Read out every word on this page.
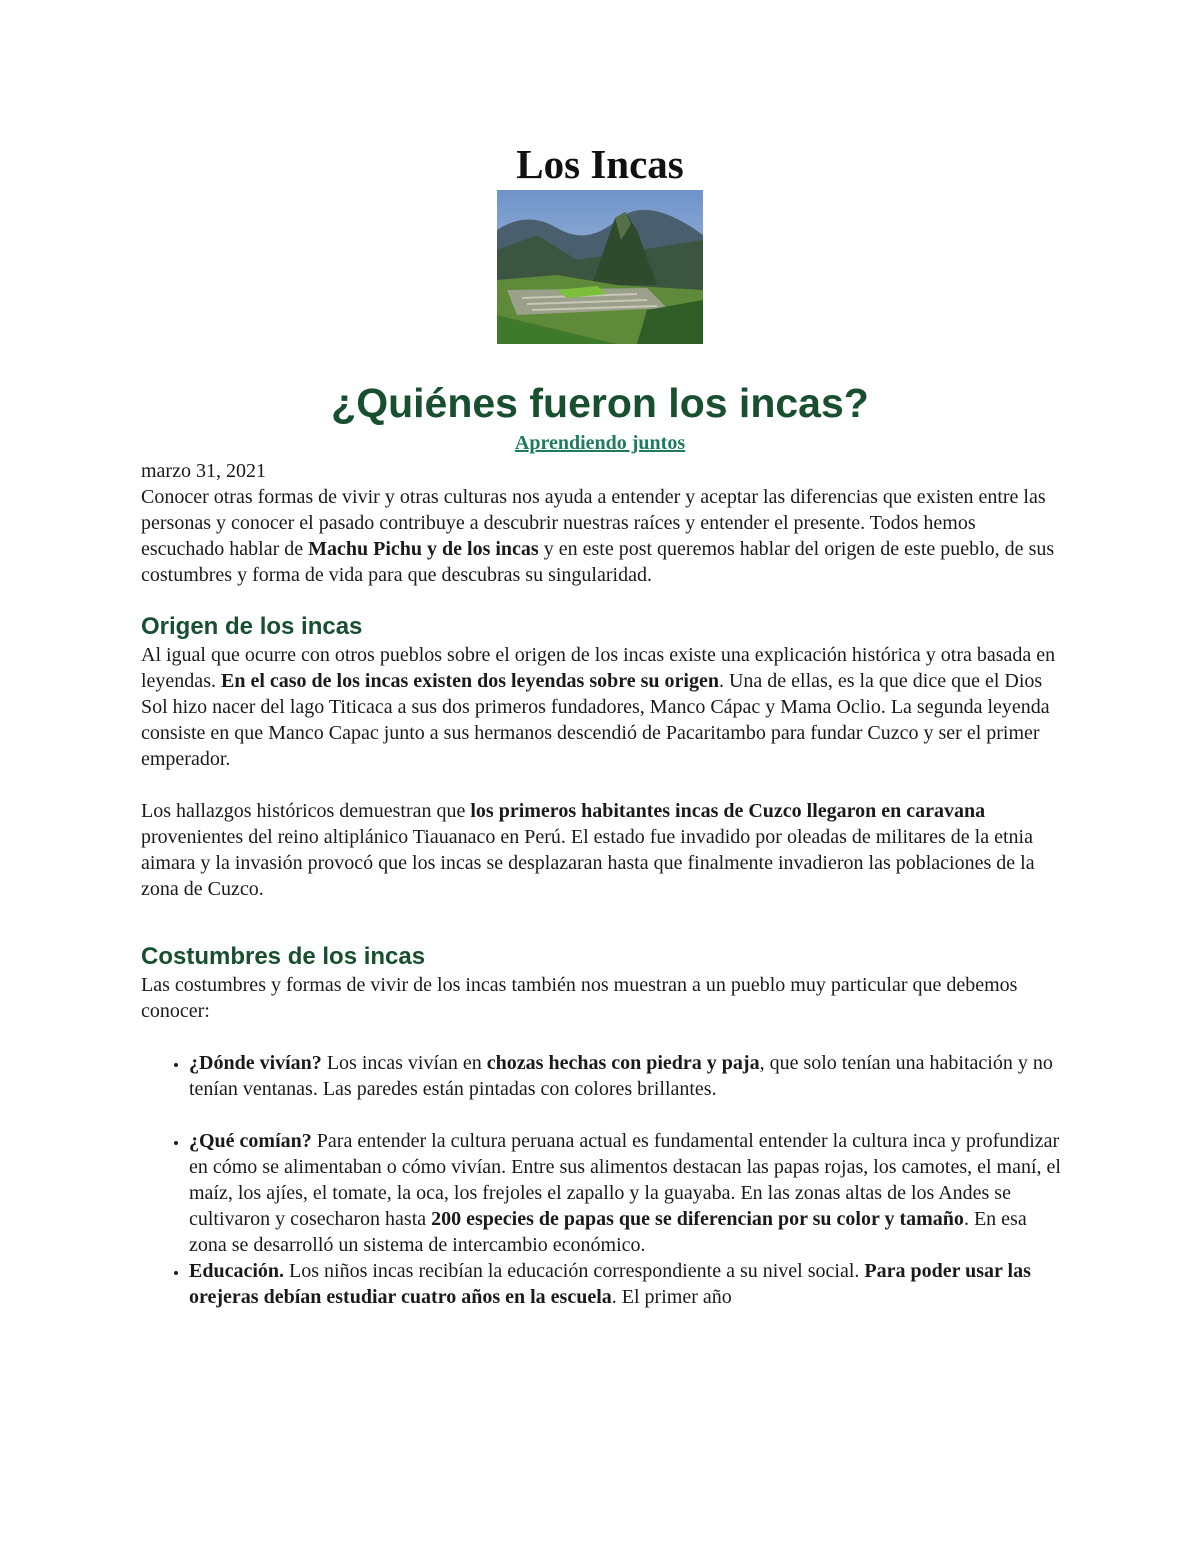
Los Incas
¿Quiénes fueron los incas?
Aprendiendo juntos

marzo 31, 2021

Conocer otras formas de vivir y otras culturas nos ayuda a entender y aceptar las diferencias que existen entre las personas y conocer el pasado contribuye a descubrir nuestras raíces y entender el presente. Todos hemos escuchado hablar de Machu Pichu y de los incas y en este post queremos hablar del origen de este pueblo, de sus costumbres y forma de vida para que descubras su singularidad.

Origen de los incas

Al igual que ocurre con otros pueblos sobre el origen de los incas existe una explicación histórica y otra basada en leyendas. En el caso de los incas existen dos leyendas sobre su origen. Una de ellas, es la que dice que el Dios Sol hizo nacer del lago Titicaca a sus dos primeros fundadores, Manco Cápac y Mama Oclio. La segunda leyenda consiste en que Manco Capac junto a sus hermanos descendió de Pacaritambo para fundar Cuzco y ser el primer emperador.

Los hallazgos históricos demuestran que los primeros habitantes incas de Cuzco llegaron en caravana provenientes del reino altiplánico Tiauanaco en Perú. El estado fue invadido por oleadas de militares de la etnia aimara y la invasión provocó que los incas se desplazaran hasta que finalmente invadieron las poblaciones de la zona de Cuzco.

Costumbres de los incas

Las costumbres y formas de vivir de los incas también nos muestran a un pueblo muy particular que debemos conocer:

• ¿Dónde vivían? Los incas vivían en chozas hechas con piedra y paja, que solo tenían una habitación y no tenían ventanas. Las paredes están pintadas con colores brillantes.
• ¿Qué comían? Para entender la cultura peruana actual es fundamental entender la cultura inca y profundizar en cómo se alimentaban o cómo vivían. Entre sus alimentos destacan las papas rojas, los camotes, el maní, el maíz, los ajíes, el tomate, la oca, los frejoles el zapallo y la guayaba. En las zonas altas de los Andes se cultivaron y cosecharon hasta 200 especies de papas que se diferencian por su color y tamaño. En esa zona se desarrolló un sistema de intercambio económico.
• Educación. Los niños incas recibían la educación correspondiente a su nivel social. Para poder usar las orejeras debían estudiar cuatro años en la escuela. El primer año
